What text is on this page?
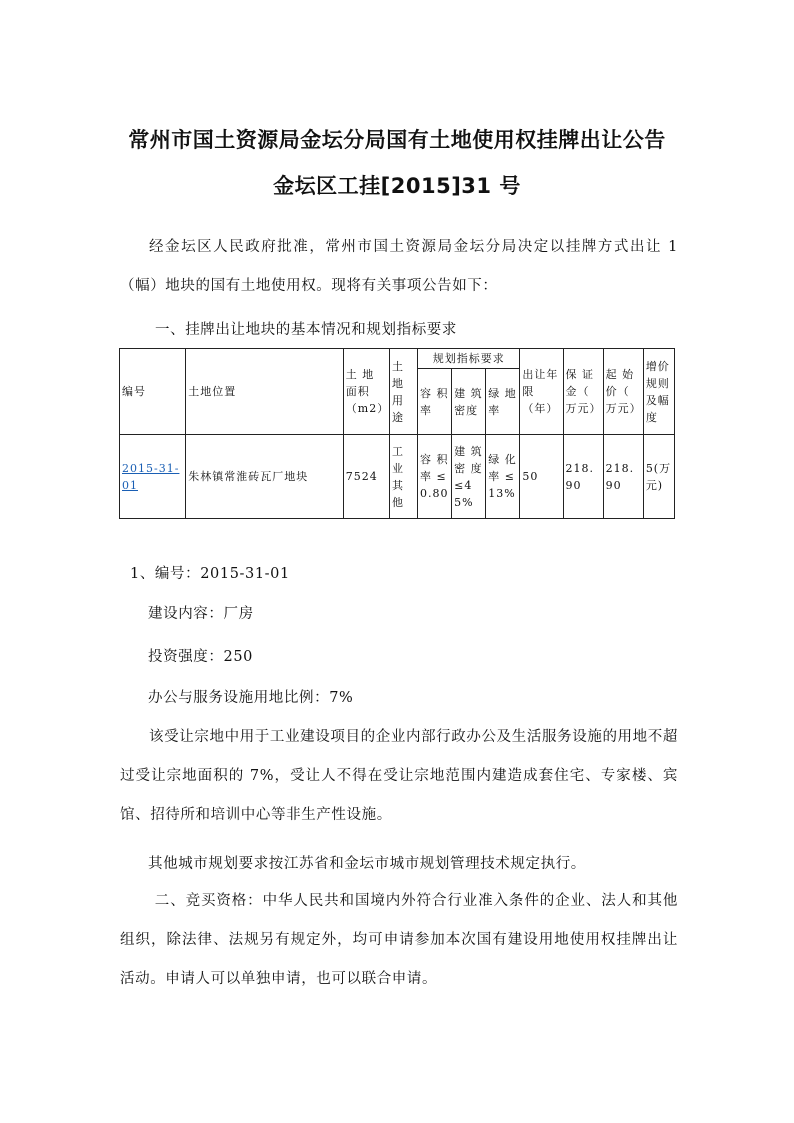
常州市国土资源局金坛分局国有土地使用权挂牌出让公告
金坛区工挂[2015]31 号

经金坛区人民政府批准，常州市国土资源局金坛分局决定以挂牌方式出让 1（幅）地块的国有土地使用权。现将有关事项公告如下：

一、挂牌出让地块的基本情况和规划指标要求

编号	土地位置	土 地 面积（m2）	土地用途	规划指标要求			出让年限（年）	保 证金（ 万元）	起 始价（ 万元）	增价规则及幅度
				容 积率	建 筑密度	绿 地率				
2015-31-01	朱林镇常淮砖瓦厂地块	7524	工业其他	容 积率 ≤0.80	建 筑密 度≤45%	绿 化率 ≤13%	50	218.90	218.90	5(万元)

1、编号：2015-31-01

建设内容：厂房

投资强度：250

办公与服务设施用地比例：7%

该受让宗地中用于工业建设项目的企业内部行政办公及生活服务设施的用地不超过受让宗地面积的 7%，受让人不得在受让宗地范围内建造成套住宅、专家楼、宾馆、招待所和培训中心等非生产性设施。

其他城市规划要求按江苏省和金坛市城市规划管理技术规定执行。

二、竞买资格：中华人民共和国境内外符合行业准入条件的企业、法人和其他组织，除法律、法规另有规定外，均可申请参加本次国有建设用地使用权挂牌出让活动。申请人可以单独申请，也可以联合申请。
